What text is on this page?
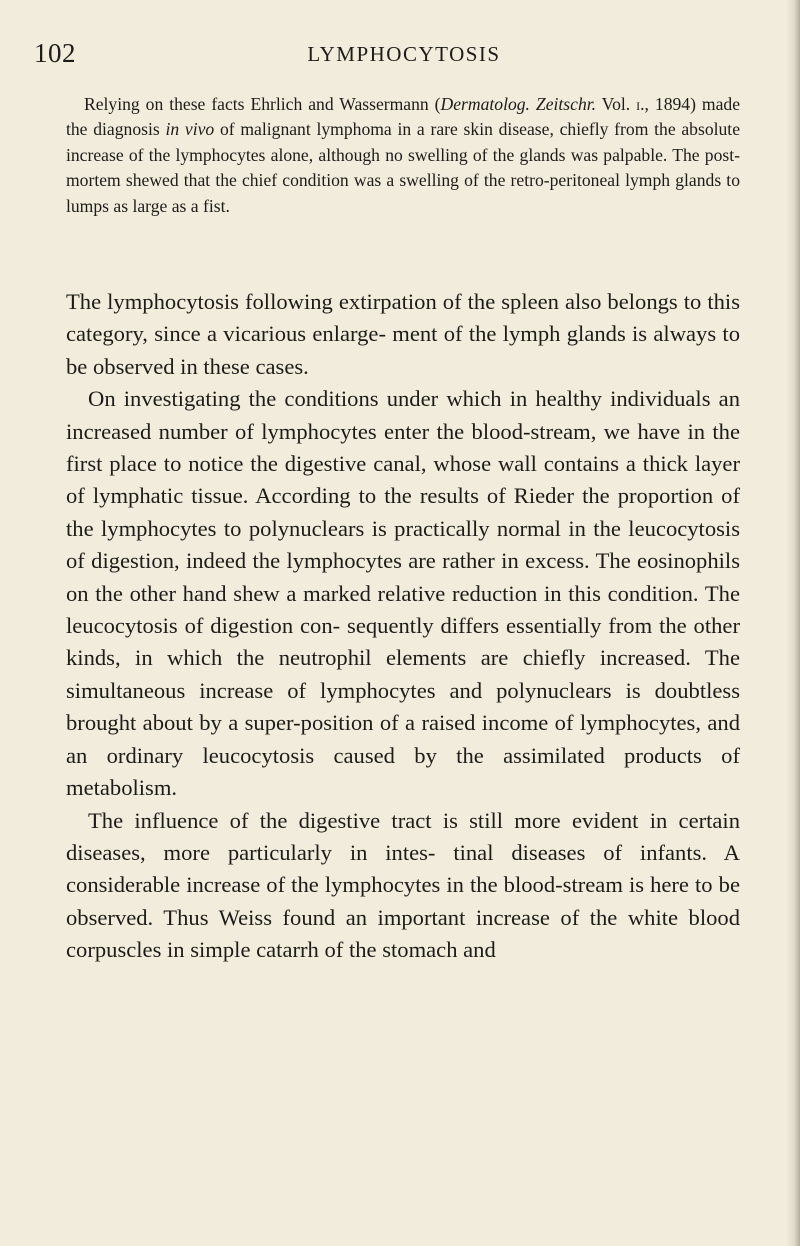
102	LYMPHOCYTOSIS

Relying on these facts Ehrlich and Wassermann (Dermatolog. Zeitschr. Vol. i., 1894) made the diagnosis in vivo of malignant lymphoma in a rare skin disease, chiefly from the absolute increase of the lymphocytes alone, although no swelling of the glands was palpable. The post-mortem shewed that the chief condition was a swelling of the retro-peritoneal lymph glands to lumps as large as a fist.

The lymphocytosis following extirpation of the spleen also belongs to this category, since a vicarious enlarge- ment of the lymph glands is always to be observed in these cases.

On investigating the conditions under which in healthy individuals an increased number of lymphocytes enter the blood-stream, we have in the first place to notice the digestive canal, whose wall contains a thick layer of lymphatic tissue. According to the results of Rieder the proportion of the lymphocytes to polynuclears is practically normal in the leucocytosis of digestion, indeed the lymphocytes are rather in excess. The eosinophils on the other hand shew a marked relative reduction in this condition. The leucocytosis of digestion con- sequently differs essentially from the other kinds, in which the neutrophil elements are chiefly increased. The simultaneous increase of lymphocytes and polynuclears is doubtless brought about by a super-position of a raised income of lymphocytes, and an ordinary leucocytosis caused by the assimilated products of metabolism.

The influence of the digestive tract is still more evident in certain diseases, more particularly in intes- tinal diseases of infants. A considerable increase of the lymphocytes in the blood-stream is here to be observed. Thus Weiss found an important increase of the white blood corpuscles in simple catarrh of the stomach and
